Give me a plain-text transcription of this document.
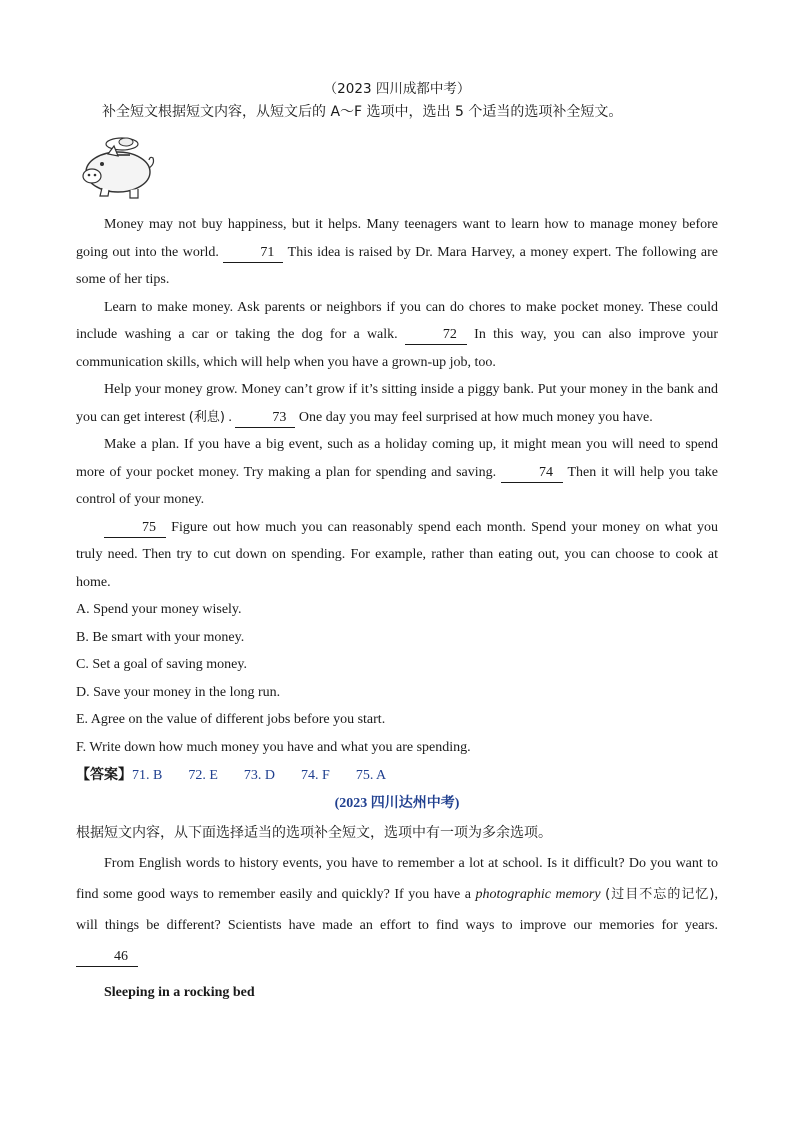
（2023 四川成都中考）
补全短文根据短文内容，从短文后的 A～F 选项中，选出 5 个适当的选项补全短文。
Money may not buy happiness, but it helps. Many teenagers want to learn how to manage money before going out into the world.	71 This idea is raised by Dr. Mara Harvey, a money expert. The following are some of her tips.
Learn to make money. Ask parents or neighbors if you can do chores to make pocket money. These could include washing a car or taking the dog for a walk.	72 In this way, you can also improve your communication skills, which will help when you have a grown-up job, too.
Help your money grow. Money can’t grow if it’s sitting inside a piggy bank. Put your money in the bank and you can get interest (利息) .	73 One day you may feel surprised at how much money you have.
Make a plan. If you have a big event, such as a holiday coming up, it might mean you will need to spend more of your pocket money. Try making a plan for spending and saving.	74 Then it will help you take control of your money.
75 Figure out how much you can reasonably spend each month. Spend your money on what you truly need. Then try to cut down on spending. For example, rather than eating out, you can choose to cook at home.
A. Spend your money wisely.
B. Be smart with your money.
C. Set a goal of saving money.
D. Save your money in the long run.
E. Agree on the value of different jobs before you start.
F. Write down how much money you have and what you are spending.
【答案】71. B 72. E 73. D 74. F 75. A
(2023 四川达州中考)
根据短文内容，从下面选择适当的选项补全短文，选项中有一项为多余选项。
From English words to history events, you have to remember a lot at school. Is it difficult? Do you want to find some good ways to remember easily and quickly? If you have a photographic memory (过目不忘的记忆), will things be different? Scientists have made an effort to find ways to improve our memories for years. 46
Sleeping in a rocking bed
